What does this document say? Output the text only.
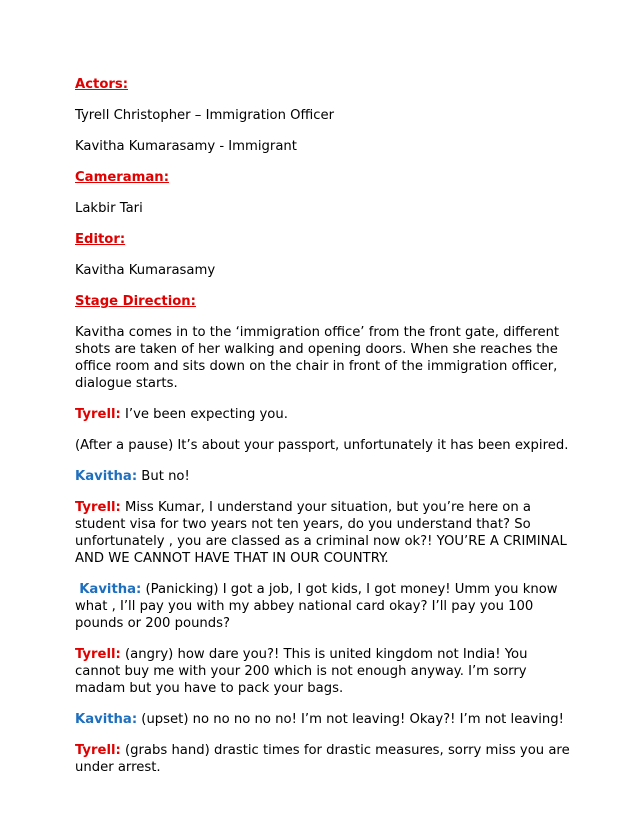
Actors:

Tyrell Christopher – Immigration Officer

Kavitha Kumarasamy - Immigrant

Cameraman:

Lakbir Tari

Editor:

Kavitha Kumarasamy

Stage Direction:

Kavitha comes in to the ‘immigration office’ from the front gate, different shots are taken of her walking and opening doors. When she reaches the office room and sits down on the chair in front of the immigration officer, dialogue starts.

Tyrell: I’ve been expecting you.

(After a pause) It’s about your passport, unfortunately it has been expired.

Kavitha: But no!

Tyrell: Miss Kumar, I understand your situation, but you’re here on a student visa for two years not ten years, do you understand that? So unfortunately , you are classed as a criminal now ok?! YOU’RE A CRIMINAL AND WE CANNOT HAVE THAT IN OUR COUNTRY.

Kavitha: (Panicking) I got a job, I got kids, I got money! Umm you know what , I’ll pay you with my abbey national card okay? I’ll pay you 100 pounds or 200 pounds?

Tyrell: (angry) how dare you?! This is united kingdom not India! You cannot buy me with your 200 which is not enough anyway. I’m sorry madam but you have to pack your bags.

Kavitha: (upset) no no no no no! I’m not leaving! Okay?! I’m not leaving!

Tyrell: (grabs hand) drastic times for drastic measures, sorry miss you are under arrest.
